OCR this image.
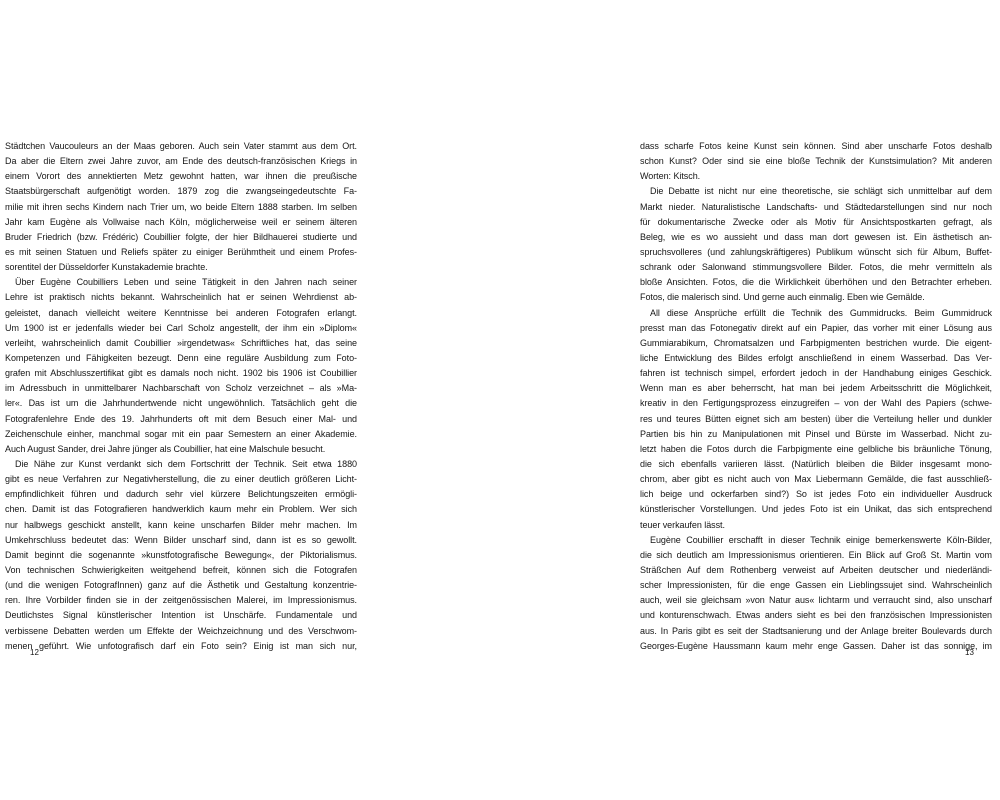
Städtchen Vaucouleurs an der Maas geboren. Auch sein Vater stammt aus dem Ort.
Da aber die Eltern zwei Jahre zuvor, am Ende des deutsch-französischen Kriegs in
einem Vorort des annektierten Metz gewohnt hatten, war ihnen die preußische
Staatsbürgerschaft aufgenötigt worden. 1879 zog die zwangseingedeutschte Fa-
milie mit ihren sechs Kindern nach Trier um, wo beide Eltern 1888 starben. Im selben
Jahr kam Eugène als Vollwaise nach Köln, möglicherweise weil er seinem älteren
Bruder Friedrich (bzw. Frédéric) Coubillier folgte, der hier Bildhauerei studierte und
es mit seinen Statuen und Reliefs später zu einiger Berühmtheit und einem Profes-
sorentitel der Düsseldorfer Kunstakademie brachte.
Über Eugène Coubilliers Leben und seine Tätigkeit in den Jahren nach seiner
Lehre ist praktisch nichts bekannt. Wahrscheinlich hat er seinen Wehrdienst ab-
geleistet, danach vielleicht weitere Kenntnisse bei anderen Fotografen erlangt.
Um 1900 ist er jedenfalls wieder bei Carl Scholz angestellt, der ihm ein »Diplom«
verleiht, wahrscheinlich damit Coubillier »irgendetwas« Schriftliches hat, das seine
Kompetenzen und Fähigkeiten bezeugt. Denn eine reguläre Ausbildung zum Foto-
grafen mit Abschlusszertifikat gibt es damals noch nicht. 1902 bis 1906 ist Coubillier
im Adressbuch in unmittelbarer Nachbarschaft von Scholz verzeichnet – als »Ma-
ler«. Das ist um die Jahrhundertwende nicht ungewöhnlich. Tatsächlich geht die
Fotografenlehre Ende des 19. Jahrhunderts oft mit dem Besuch einer Mal- und
Zeichenschule einher, manchmal sogar mit ein paar Semestern an einer Akademie.
Auch August Sander, drei Jahre jünger als Coubillier, hat eine Malschule besucht.
Die Nähe zur Kunst verdankt sich dem Fortschritt der Technik. Seit etwa 1880
gibt es neue Verfahren zur Negativherstellung, die zu einer deutlich größeren Licht-
empfindlichkeit führen und dadurch sehr viel kürzere Belichtungszeiten ermögli-
chen. Damit ist das Fotografieren handwerklich kaum mehr ein Problem. Wer sich
nur halbwegs geschickt anstellt, kann keine unscharfen Bilder mehr machen. Im
Umkehrschluss bedeutet das: Wenn Bilder unscharf sind, dann ist es so gewollt.
Damit beginnt die sogenannte »kunstfotografische Bewegung«, der Piktorialismus.
Von technischen Schwierigkeiten weitgehend befreit, können sich die Fotografen
(und die wenigen FotografInnen) ganz auf die Ästhetik und Gestaltung konzentrie-
ren. Ihre Vorbilder finden sie in der zeitgenössischen Malerei, im Impressionismus.
Deutlichstes Signal künstlerischer Intention ist Unschärfe. Fundamentale und
verbissene Debatten werden um Effekte der Weichzeichnung und des Verschwom-
menen geführt. Wie unfotografisch darf ein Foto sein? Einig ist man sich nur,
12
dass scharfe Fotos keine Kunst sein können. Sind aber unscharfe Fotos deshalb
schon Kunst? Oder sind sie eine bloße Technik der Kunstsimulation? Mit anderen
Worten: Kitsch.
Die Debatte ist nicht nur eine theoretische, sie schlägt sich unmittelbar auf dem
Markt nieder. Naturalistische Landschafts- und Städtedarstellungen sind nur noch
für dokumentarische Zwecke oder als Motiv für Ansichtspostkarten gefragt, als
Beleg, wie es wo aussieht und dass man dort gewesen ist. Ein ästhetisch an-
spruchsvolleres (und zahlungskräftigeres) Publikum wünscht sich für Album, Buffet-
schrank oder Salonwand stimmungsvollere Bilder. Fotos, die mehr vermitteln als
bloße Ansichten. Fotos, die die Wirklichkeit überhöhen und den Betrachter erheben.
Fotos, die malerisch sind. Und gerne auch einmalig. Eben wie Gemälde.
All diese Ansprüche erfüllt die Technik des Gummidrucks. Beim Gummidruck
presst man das Fotonegativ direkt auf ein Papier, das vorher mit einer Lösung aus
Gummiarabikum, Chromatsalzen und Farbpigmenten bestrichen wurde. Die eigent-
liche Entwicklung des Bildes erfolgt anschließend in einem Wasserbad. Das Ver-
fahren ist technisch simpel, erfordert jedoch in der Handhabung einiges Geschick.
Wenn man es aber beherrscht, hat man bei jedem Arbeitsschritt die Möglichkeit,
kreativ in den Fertigungsprozess einzugreifen – von der Wahl des Papiers (schwe-
res und teures Bütten eignet sich am besten) über die Verteilung heller und dunkler
Partien bis hin zu Manipulationen mit Pinsel und Bürste im Wasserbad. Nicht zu-
letzt haben die Fotos durch die Farbpigmente eine gelbliche bis bräunliche Tönung,
die sich ebenfalls variieren lässt. (Natürlich bleiben die Bilder insgesamt mono-
chrom, aber gibt es nicht auch von Max Liebermann Gemälde, die fast ausschließ-
lich beige und ockerfarben sind?) So ist jedes Foto ein individueller Ausdruck
künstlerischer Vorstellungen. Und jedes Foto ist ein Unikat, das sich entsprechend
teuer verkaufen lässt.
Eugène Coubillier erschafft in dieser Technik einige bemerkenswerte Köln-Bilder,
die sich deutlich am Impressionismus orientieren. Ein Blick auf Groß St. Martin vom
Sträßchen Auf dem Rothenberg verweist auf Arbeiten deutscher und niederländi-
scher Impressionisten, für die enge Gassen ein Lieblingssujet sind. Wahrscheinlich
auch, weil sie gleichsam »von Natur aus« lichtarm und verraucht sind, also unscharf
und konturenschwach. Etwas anders sieht es bei den französischen Impressionisten
aus. In Paris gibt es seit der Stadtsanierung und der Anlage breiter Boulevards durch
Georges-Eugène Haussmann kaum mehr enge Gassen. Daher ist das sonnige, im
13
